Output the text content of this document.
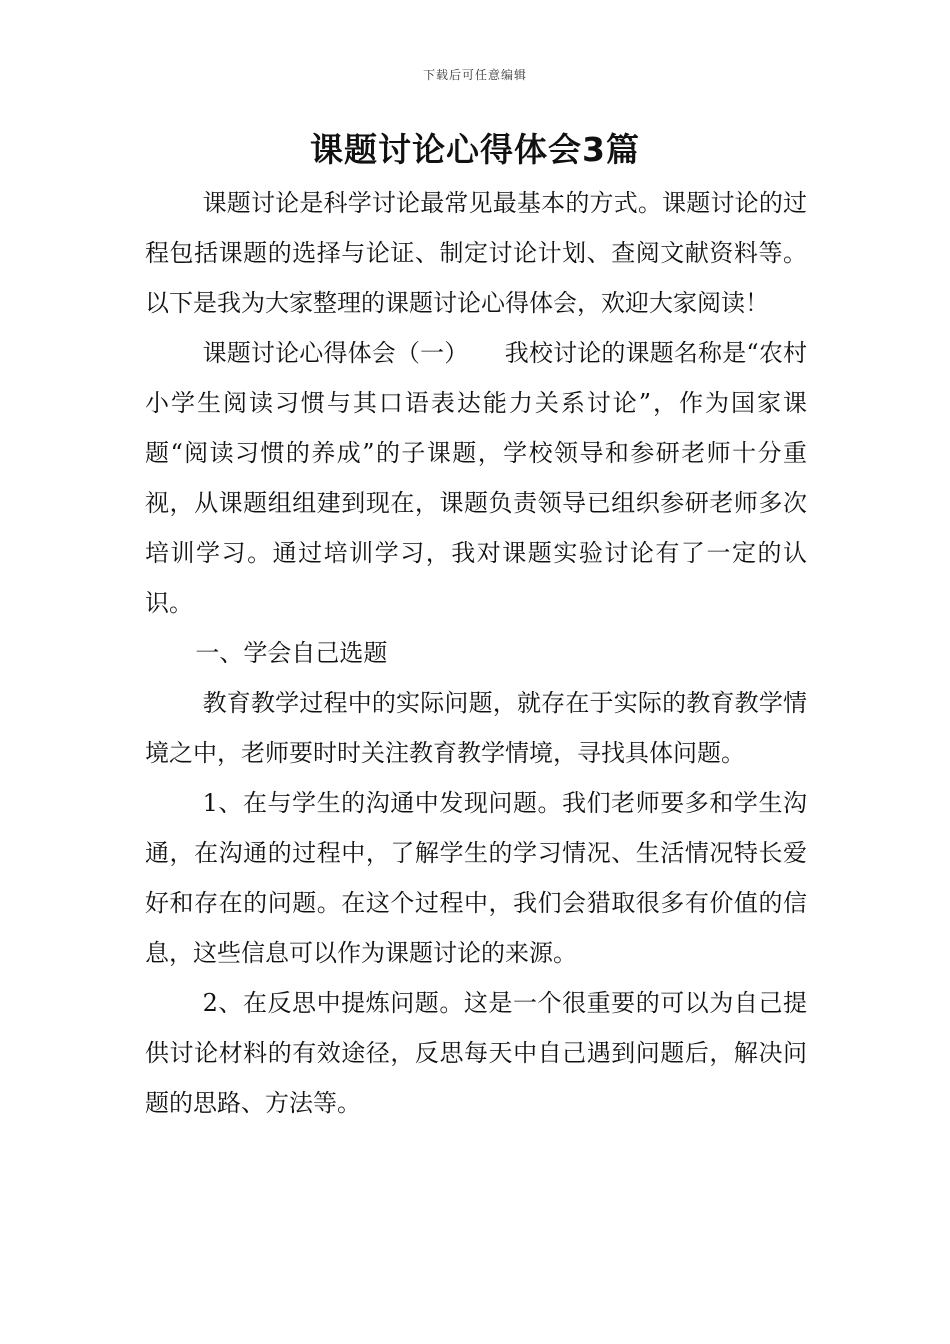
下载后可任意编辑
课题讨论心得体会3篇

课题讨论是科学讨论最常见最基本的方式。课题讨论的过程包括课题的选择与论证、制定讨论计划、查阅文献资料等。以下是我为大家整理的课题讨论心得体会，欢迎大家阅读！

课题讨论心得体会（一）　　我校讨论的课题名称是“农村小学生阅读习惯与其口语表达能力关系讨论”，作为国家课题“阅读习惯的养成”的子课题，学校领导和参研老师十分重视，从课题组组建到现在，课题负责领导已组织参研老师多次培训学习。通过培训学习，我对课题实验讨论有了一定的认识。

一、学会自己选题

教育教学过程中的实际问题，就存在于实际的教育教学情境之中，老师要时时关注教育教学情境，寻找具体问题。

1、在与学生的沟通中发现问题。我们老师要多和学生沟通，在沟通的过程中，了解学生的学习情况、生活情况特长爱好和存在的问题。在这个过程中，我们会猎取很多有价值的信息，这些信息可以作为课题讨论的来源。

2、在反思中提炼问题。这是一个很重要的可以为自己提供讨论材料的有效途径，反思每天中自己遇到问题后，解决问题的思路、方法等。
